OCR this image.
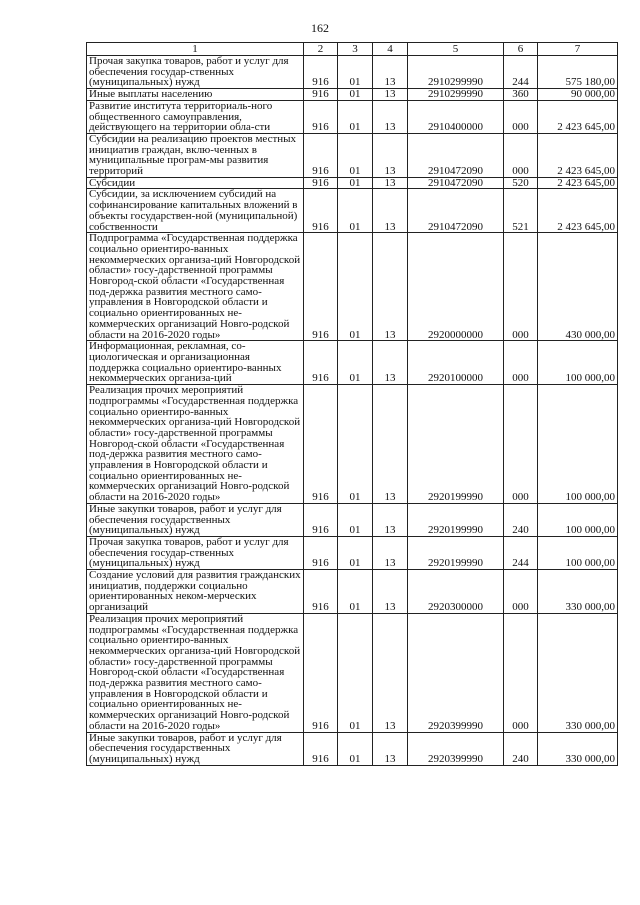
162
1	2	3	4	5	6	7
Прочая закупка товаров, работ и услуг для обеспечения государ-ственных (муниципальных) нужд	916	01	13	2910299990	244	575 180,00
Иные выплаты населению	916	01	13	2910299990	360	90 000,00
Развитие института территориаль-ного общественного самоуправления, действующего на территории обла-сти	916	01	13	2910400000	000	2 423 645,00
Субсидии на реализацию проектов местных инициатив граждан, вклю-ченных в муниципальные програм-мы развития территорий	916	01	13	2910472090	000	2 423 645,00
Субсидии	916	01	13	2910472090	520	2 423 645,00
Субсидии, за исключением субсидий на софинансирование капитальных вложений в объекты государствен-ной (муниципальной) собственности	916	01	13	2910472090	521	2 423 645,00
Подпрограмма «Государственная поддержка социально ориентиро-ванных некоммерческих организа-ций Новгородской области» госу-дарственной программы Новгород-ской области «Государственная под-держка развития местного само-управления в Новгородской области и социально ориентированных не-коммерческих организаций Новго-родской области на 2016-2020 годы»	916	01	13	2920000000	000	430 000,00
Информационная, рекламная, со-циологическая и организационная поддержка социально ориентиро-ванных некоммерческих организа-ций	916	01	13	2920100000	000	100 000,00
Реализация прочих мероприятий подпрограммы «Государственная поддержка социально ориентиро-ванных некоммерческих организа-ций Новгородской области» госу-дарственной программы Новгород-ской области «Государственная под-держка развития местного само-управления в Новгородской области и социально ориентированных не-коммерческих организаций Новго-родской области на 2016-2020 годы»	916	01	13	2920199990	000	100 000,00
Иные закупки товаров, работ и услуг для обеспечения государственных (муниципальных) нужд	916	01	13	2920199990	240	100 000,00
Прочая закупка товаров, работ и услуг для обеспечения государ-ственных (муниципальных) нужд	916	01	13	2920199990	244	100 000,00
Создание условий для развития гражданских инициатив, поддержки социально ориентированных неком-мерческих организаций	916	01	13	2920300000	000	330 000,00
Реализация прочих мероприятий подпрограммы «Государственная поддержка социально ориентиро-ванных некоммерческих организа-ций Новгородской области» госу-дарственной программы Новгород-ской области «Государственная под-держка развития местного само-управления в Новгородской области и социально ориентированных не-коммерческих организаций Новго-родской области на 2016-2020 годы»	916	01	13	2920399990	000	330 000,00
Иные закупки товаров, работ и услуг для обеспечения государственных (муниципальных) нужд	916	01	13	2920399990	240	330 000,00
